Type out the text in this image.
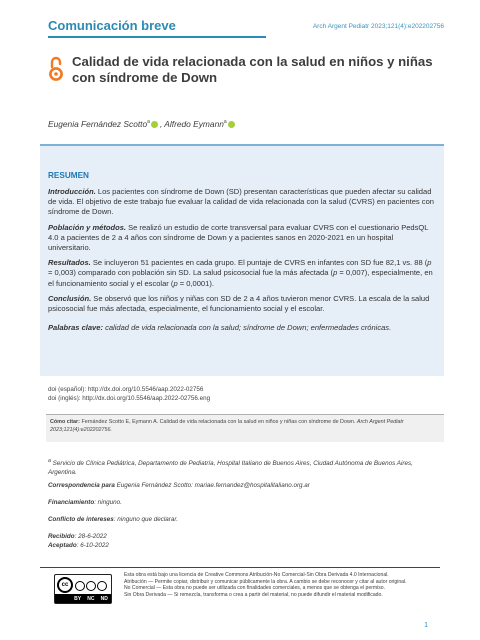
Comunicación breve	Arch Argent Pediatr 2023;121(4):e202202756
Calidad de vida relacionada con la salud en niños y niñas con síndrome de Down
Eugenia Fernández Scotto$^a$ , Alfredo Eymann$^a$
RESUMEN

Introducción. Los pacientes con síndrome de Down (SD) presentan características que pueden afectar su calidad de vida. El objetivo de este trabajo fue evaluar la calidad de vida relacionada con la salud (CVRS) en pacientes con síndrome de Down.

Población y métodos. Se realizó un estudio de corte transversal para evaluar CVRS con el cuestionario PedsQL 4.0 a pacientes de 2 a 4 años con síndrome de Down y a pacientes sanos en 2020-2021 en un hospital universitario.

Resultados. Se incluyeron 51 pacientes en cada grupo. El puntaje de CVRS en infantes con SD fue 82,1 vs. 88 (p = 0,003) comparado con población sin SD. La salud psicosocial fue la más afectada (p = 0,007), especialmente, en el funcionamiento social y el escolar (p = 0,0001).

Conclusión. Se observó que los niños y niñas con SD de 2 a 4 años tuvieron menor CVRS. La escala de la salud psicosocial fue más afectada, especialmente, el funcionamiento social y el escolar.

Palabras clave: calidad de vida relacionada con la salud; síndrome de Down; enfermedades crónicas.

doi (español): http://dx.doi.org/10.5546/aap.2022-02756
doi (inglés): http://dx.doi.org/10.5546/aap.2022-02756.eng
Cómo citar: Fernández Scotto E, Eymann A. Calidad de vida relacionada con la salud en niños y niñas con síndrome de Down. Arch Argent Pediatr 2023;121(4):e202202756.
$^a$ Servicio de Clínica Pediátrica, Departamento de Pediatría, Hospital Italiano de Buenos Aires, Ciudad Autónoma de Buenos Aires, Argentina.
Correspondencia para Eugenia Fernández Scotto: mariae.fernandez@hospitalitaliano.org.ar
Financiamiento: ninguno.
Conflicto de intereses: ninguno que declarar.
Recibido: 28-6-2022
Aceptado: 6-10-2022
cc
BY NC ND
Esta obra está bajo una licencia de Creative Commons Atribución-No Comercial-Sin Obra Derivada 4.0 Internacional.
Atribución — Permite copiar, distribuir y comunicar públicamente la obra. A cambio se debe reconocer y citar al autor original.
No Comercial — Esta obra no puede ser utilizada con finalidades comerciales, a menos que se obtenga el permiso.
Sin Obra Derivada — Si remezcla, transforma o crea a partir del material, no puede difundir el material modificado.
1
